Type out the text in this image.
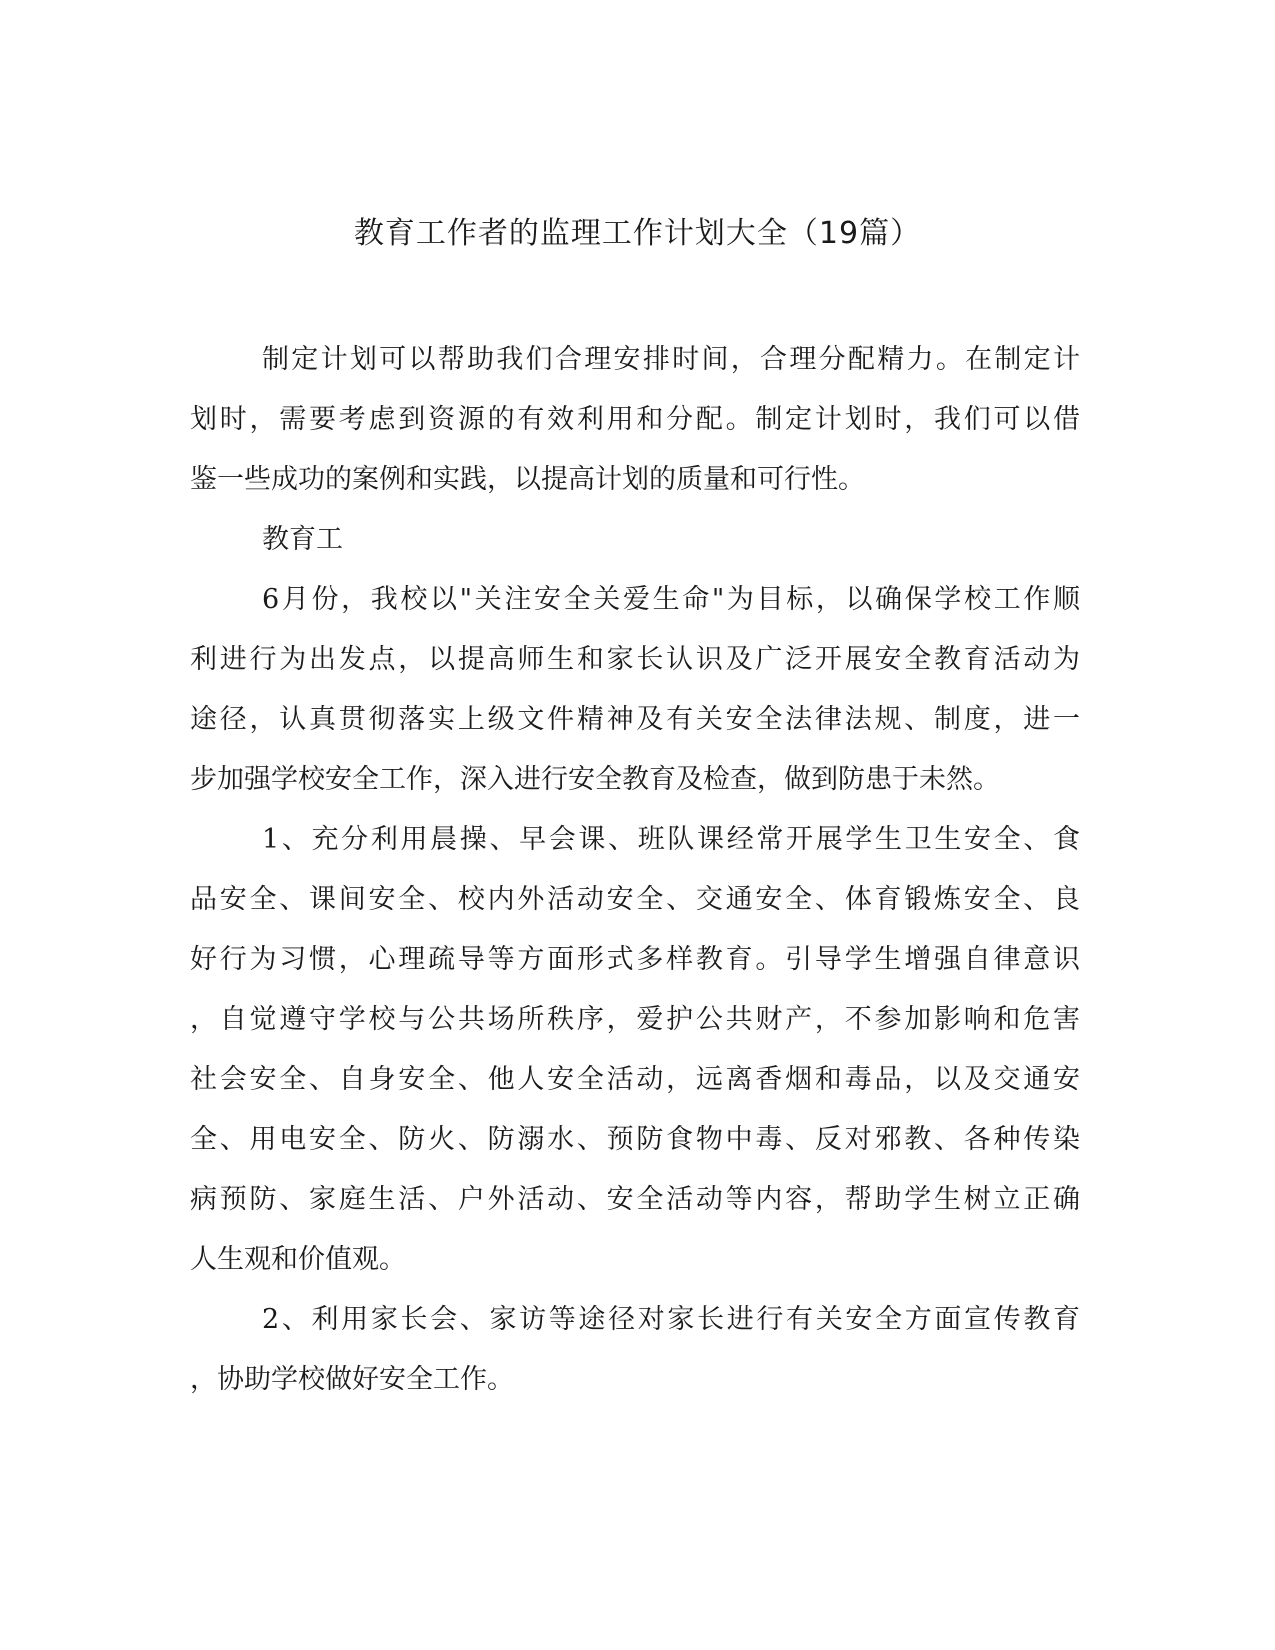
教育工作者的监理工作计划大全（19篇）
制定计划可以帮助我们合理安排时间，合理分配精力。在制定计
划时，需要考虑到资源的有效利用和分配。制定计划时，我们可以借
鉴一些成功的案例和实践，以提高计划的质量和可行性。
教育工
6月份，我校以"关注安全关爱生命"为目标，以确保学校工作顺
利进行为出发点，以提高师生和家长认识及广泛开展安全教育活动为
途径，认真贯彻落实上级文件精神及有关安全法律法规、制度，进一
步加强学校安全工作，深入进行安全教育及检查，做到防患于未然。
1、充分利用晨操、早会课、班队课经常开展学生卫生安全、食
品安全、课间安全、校内外活动安全、交通安全、体育锻炼安全、良
好行为习惯，心理疏导等方面形式多样教育。引导学生增强自律意识
，自觉遵守学校与公共场所秩序，爱护公共财产，不参加影响和危害
社会安全、自身安全、他人安全活动，远离香烟和毒品，以及交通安
全、用电安全、防火、防溺水、预防食物中毒、反对邪教、各种传染
病预防、家庭生活、户外活动、安全活动等内容，帮助学生树立正确
人生观和价值观。
2、利用家长会、家访等途径对家长进行有关安全方面宣传教育
，协助学校做好安全工作。
